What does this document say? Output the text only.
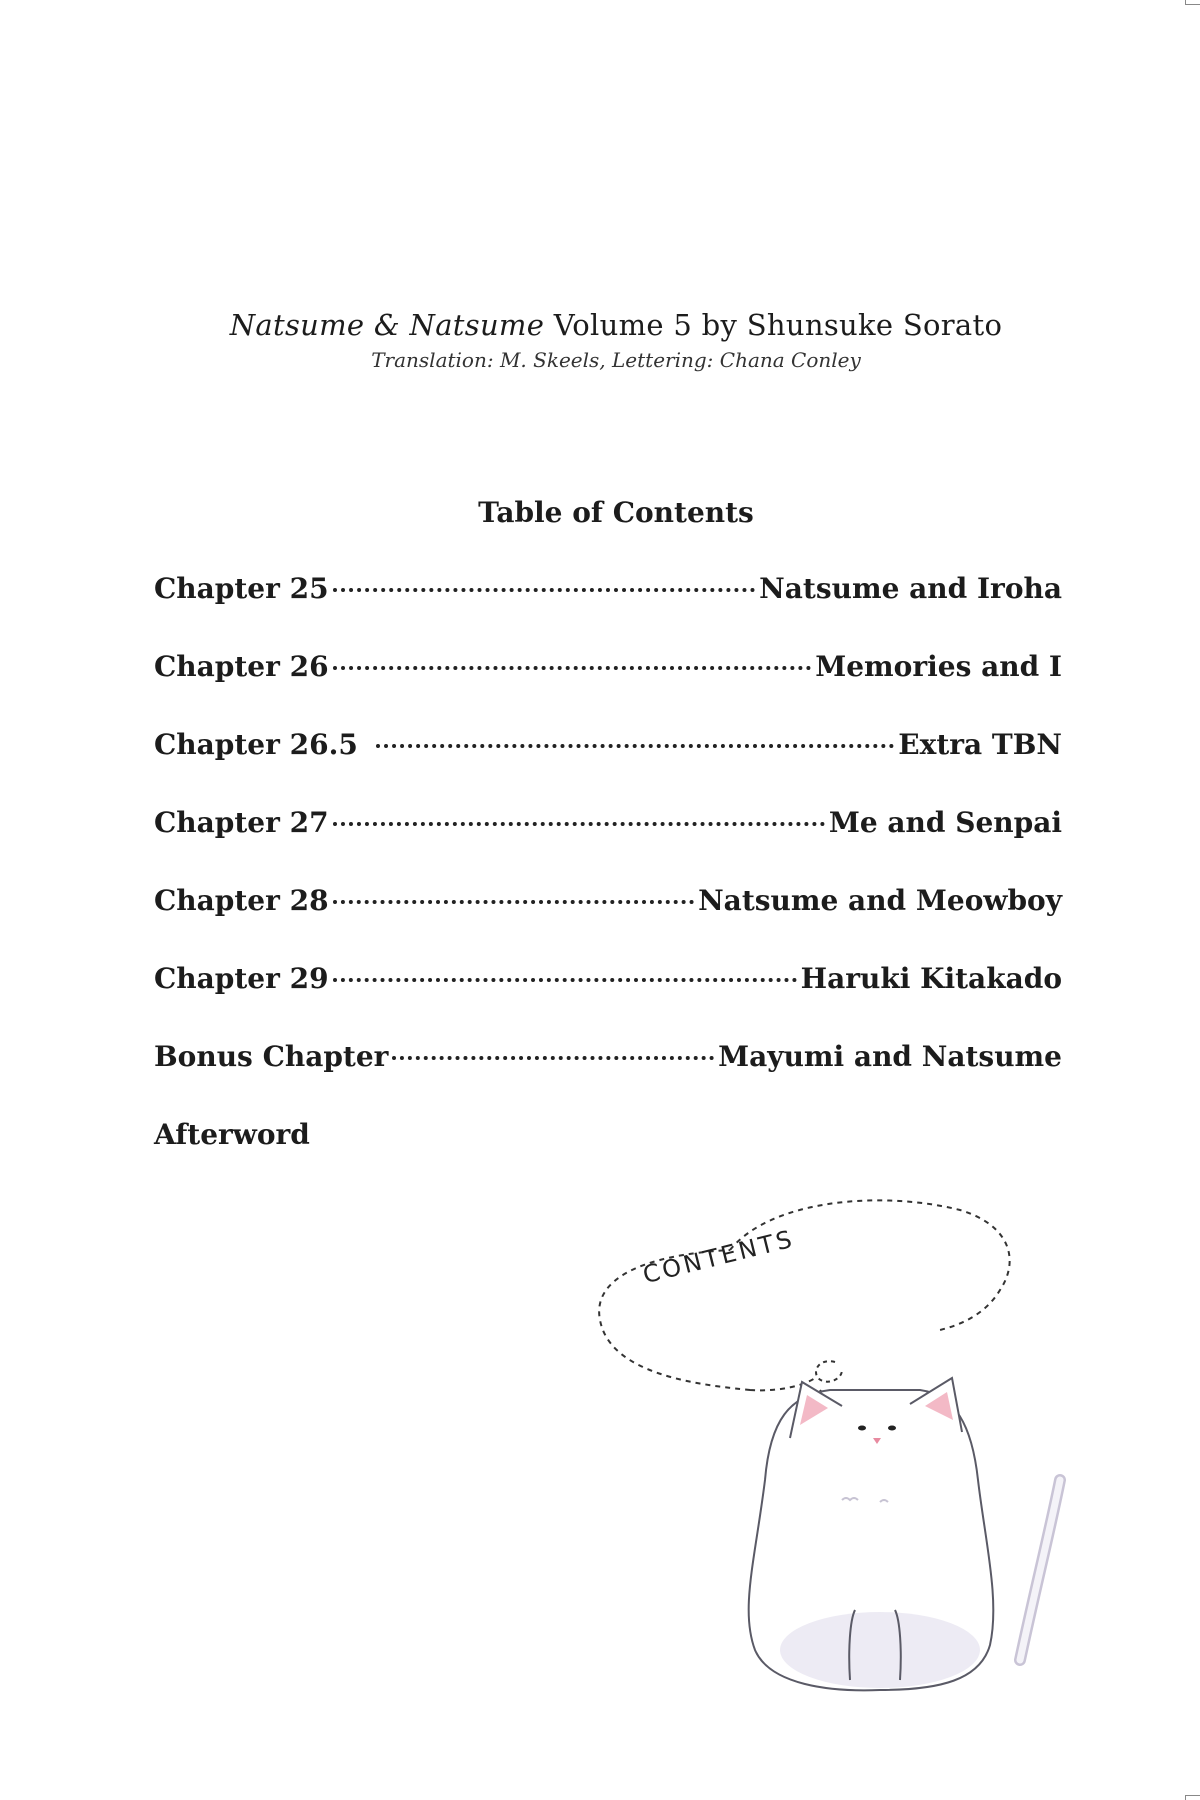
Natsume & Natsume Volume 5 by Shunsuke Sorato
Translation: M. Skeels, Lettering: Chana Conley
Table of Contents
Chapter 25	Natsume and Iroha
Chapter 26	Memories and I
Chapter 26.5	Extra TBN
Chapter 27	Me and Senpai
Chapter 28	Natsume and Meowboy
Chapter 29	Haruki Kitakado
Bonus Chapter	Mayumi and Natsume
Afterword
CONTENTS
